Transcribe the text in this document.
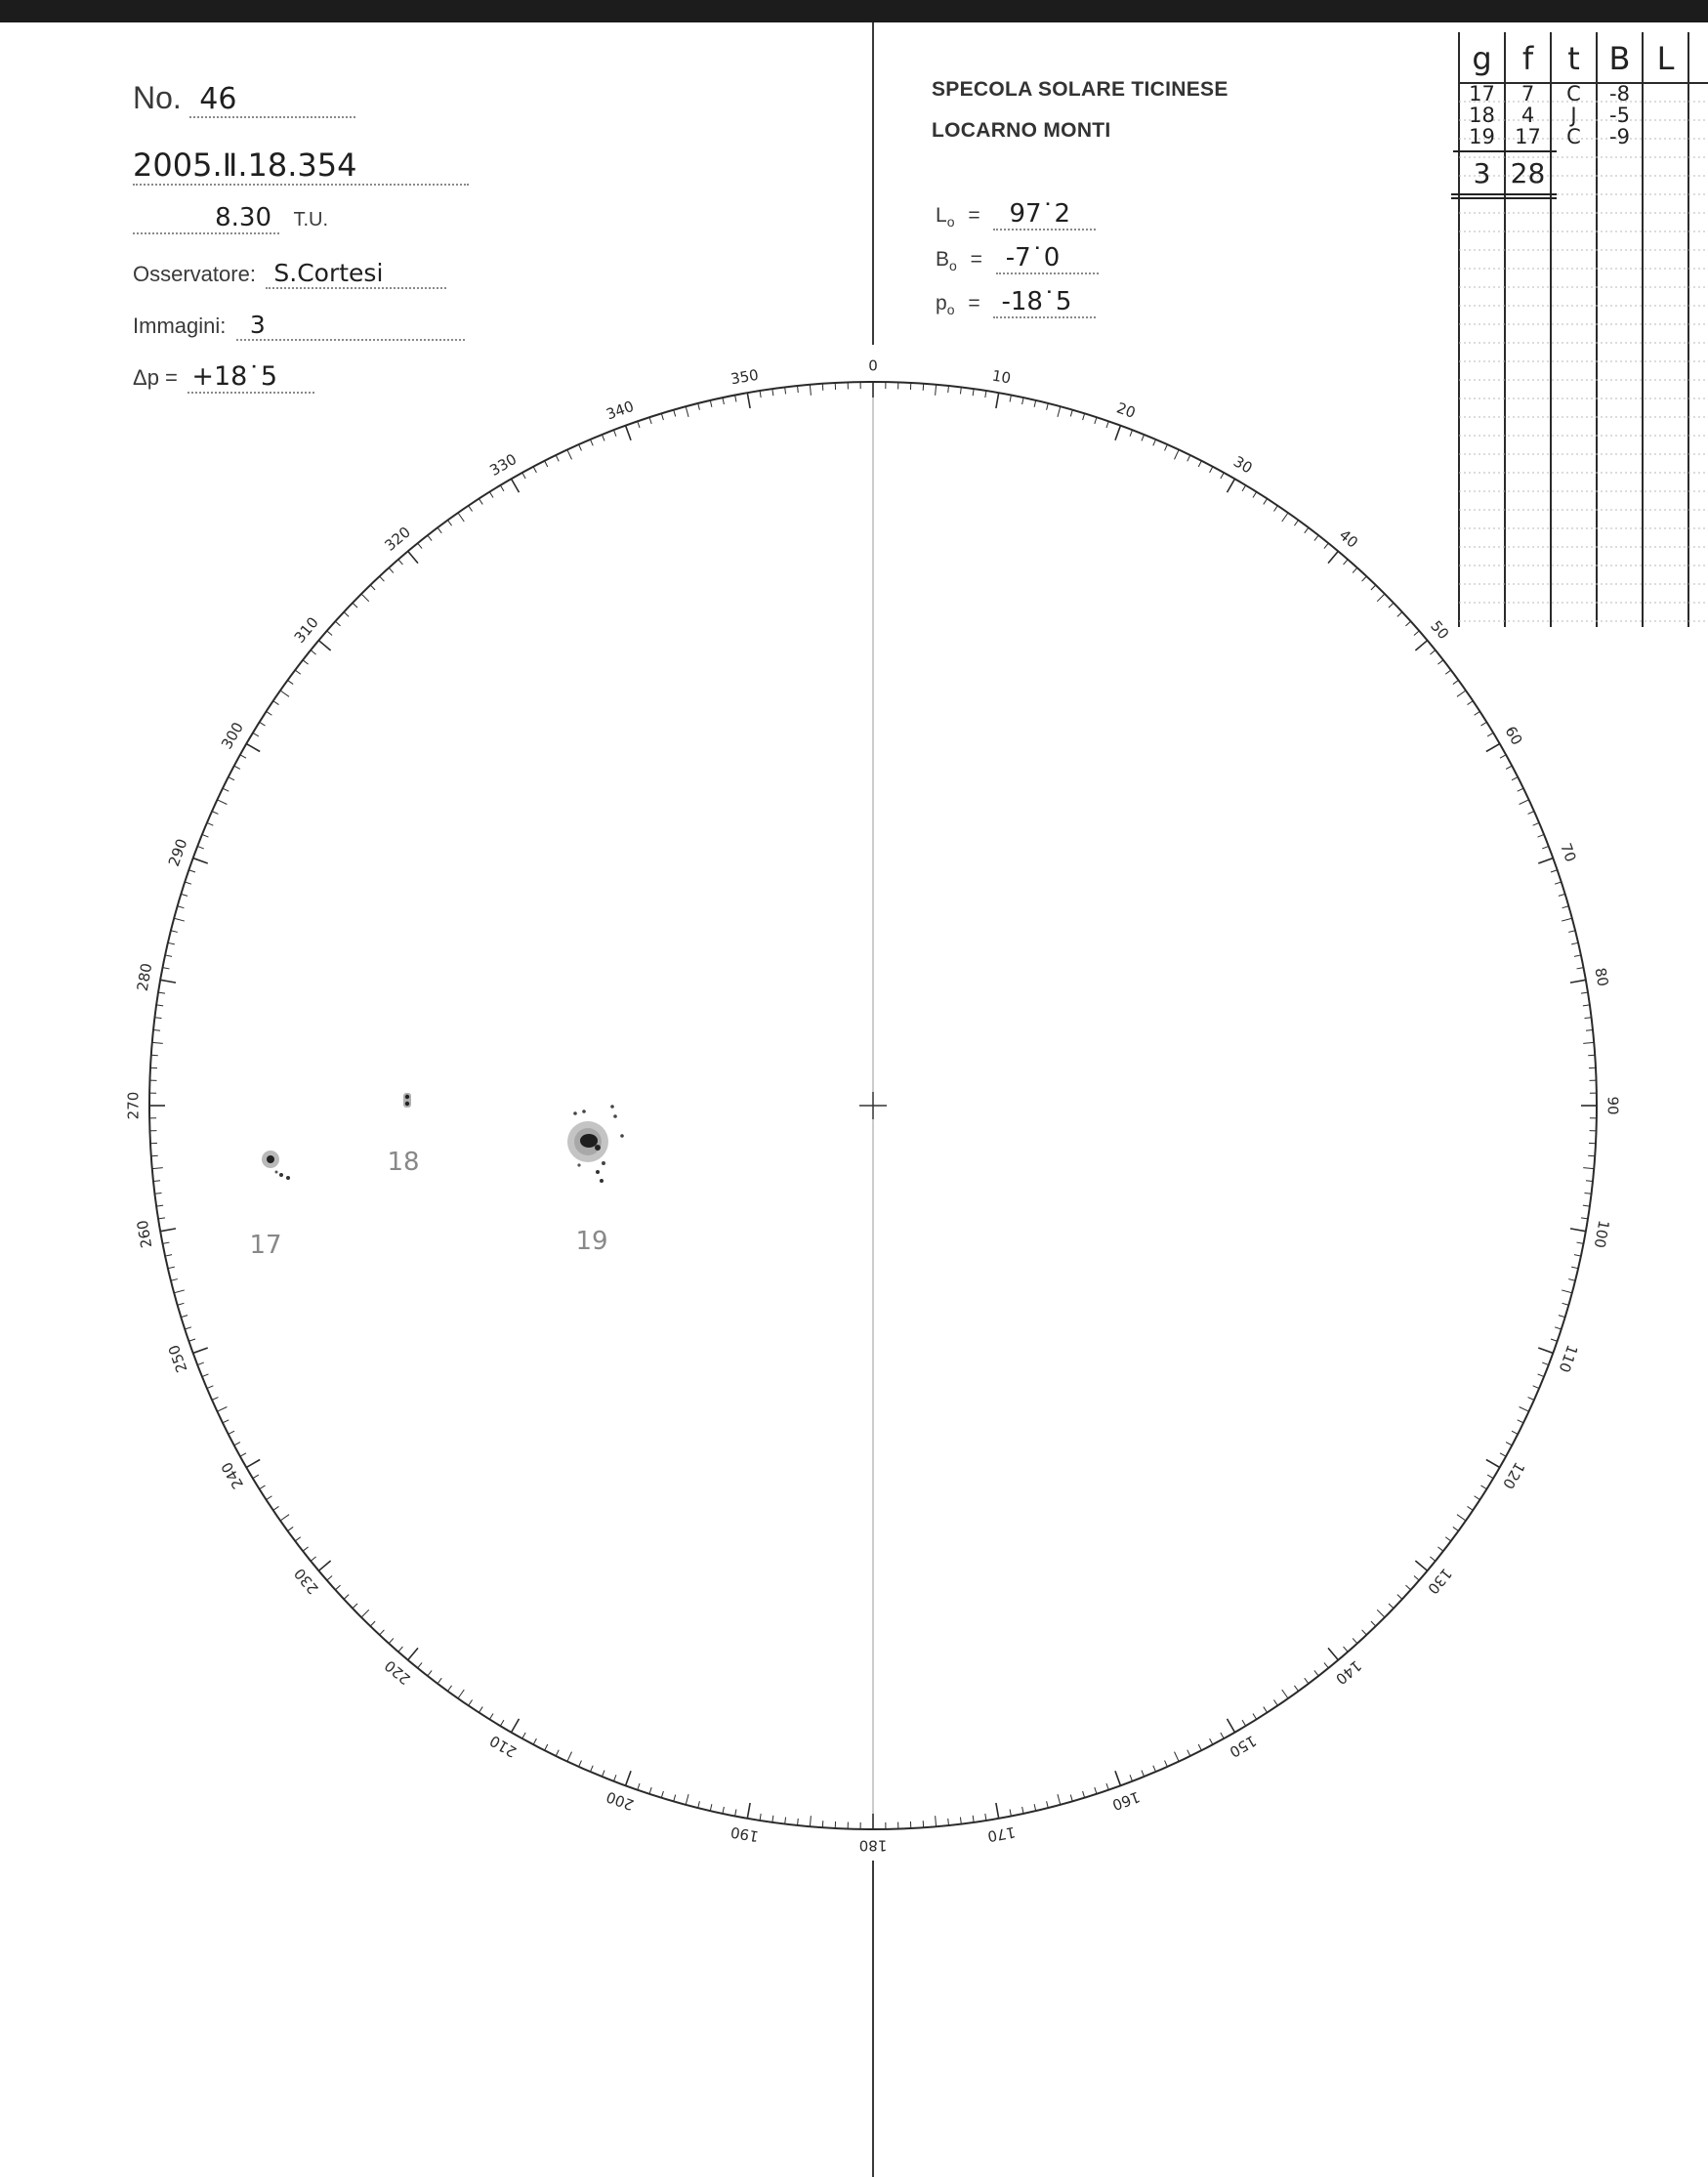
No. 46
2005.Ⅱ.18.354
8.30 T.U.
Osservatore: S.Cortesi
Immagini: 3
Δp = +18˙5
SPECOLA SOLARE TICINESE
LOCARNO MONTI
$L_o$ = 97˙2
$B_o$ = -7˙0
$p_o$ = -18˙5
g f t B L
17 7 C -8
18 4 J -5
19 17 C -9
3 28
0
10
20
30
40
50
60
70
80
90
100
110
120
130
140
150
160
170
180
190
200
210
220
230
240
250
260
270
280
290
300
310
320
330
340
350
17
18
19
